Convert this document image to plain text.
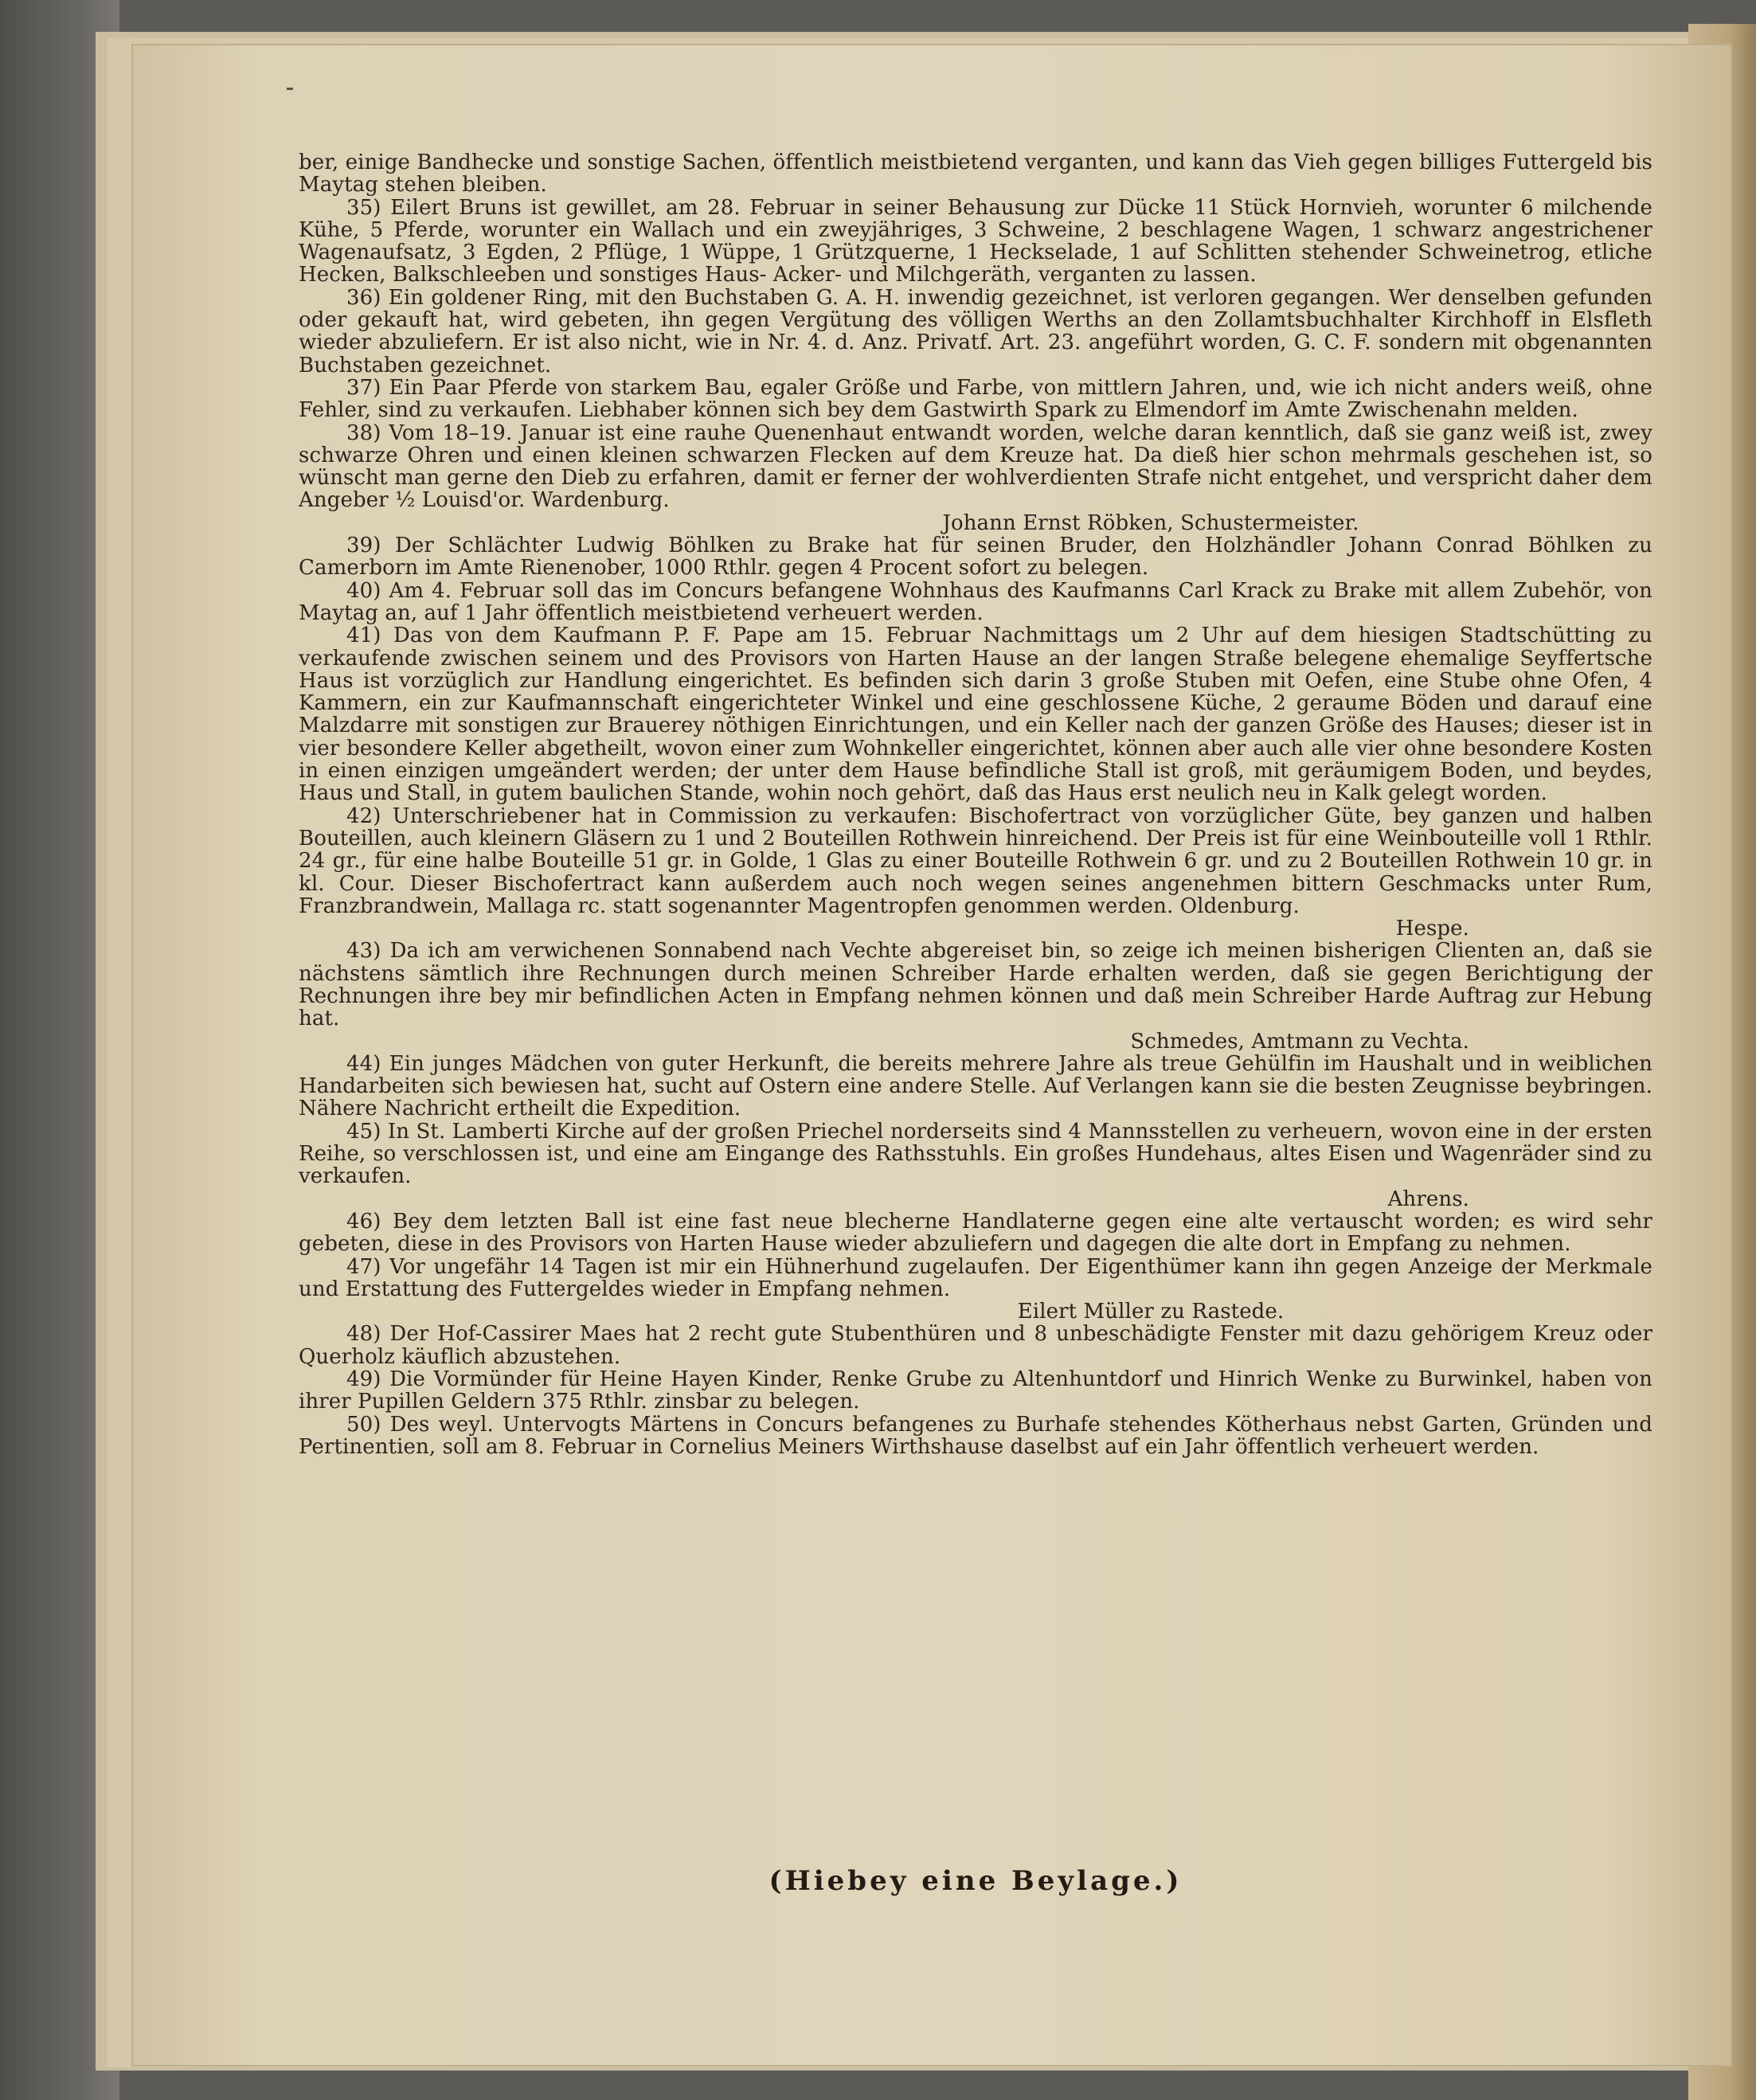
ber, einige Bandhecke und sonstige Sachen, öffentlich meistbietend verganten, und kann das Vieh gegen billiges Futtergeld bis Maytag stehen bleiben.

35) Eilert Bruns ist gewillet, am 28. Februar in seiner Behausung zur Dücke 11 Stück Hornvieh, worunter 6 milchende Kühe, 5 Pferde, worunter ein Wallach und ein zweyjähriges, 3 Schweine, 2 beschlagene Wagen, 1 schwarz angestrichener Wagenaufsatz, 3 Egden, 2 Pflüge, 1 Wüppe, 1 Grützquerne, 1 Heckselade, 1 auf Schlitten stehender Schweinetrog, etliche Hecken, Balkschleeben und sonstiges Haus- Acker- und Milchgeräth, verganten zu lassen.

36) Ein goldener Ring, mit den Buchstaben G. A. H. inwendig gezeichnet, ist verloren gegangen. Wer denselben gefunden oder gekauft hat, wird gebeten, ihn gegen Vergütung des völligen Werths an den Zollamtsbuchhalter Kirchhoff in Elsfleth wieder abzuliefern. Er ist also nicht, wie in Nr. 4. d. Anz. Privatf. Art. 23. angeführt worden, G. C. F. sondern mit obgenannten Buchstaben gezeichnet.

37) Ein Paar Pferde von starkem Bau, egaler Größe und Farbe, von mittlern Jahren, und, wie ich nicht anders weiß, ohne Fehler, sind zu verkaufen. Liebhaber können sich bey dem Gastwirth Spark zu Elmendorf im Amte Zwischenahn melden.

38) Vom 18–19. Januar ist eine rauhe Quenenhaut entwandt worden, welche daran kenntlich, daß sie ganz weiß ist, zwey schwarze Ohren und einen kleinen schwarzen Flecken auf dem Kreuze hat. Da dieß hier schon mehrmals geschehen ist, so wünscht man gerne den Dieb zu erfahren, damit er ferner der wohlverdienten Strafe nicht entgehet, und verspricht daher dem Angeber ½ Louisd'or. Wardenburg.

Johann Ernst Röbken, Schustermeister.

39) Der Schlächter Ludwig Böhlken zu Brake hat für seinen Bruder, den Holzhändler Johann Conrad Böhlken zu Camerborn im Amte Rienenober, 1000 Rthlr. gegen 4 Procent sofort zu belegen.

40) Am 4. Februar soll das im Concurs befangene Wohnhaus des Kaufmanns Carl Krack zu Brake mit allem Zubehör, von Maytag an, auf 1 Jahr öffentlich meistbietend verheuert werden.

41) Das von dem Kaufmann P. F. Pape am 15. Februar Nachmittags um 2 Uhr auf dem hiesigen Stadtschütting zu verkaufende zwischen seinem und des Provisors von Harten Hause an der langen Straße belegene ehemalige Seyffertsche Haus ist vorzüglich zur Handlung eingerichtet. Es befinden sich darin 3 große Stuben mit Oefen, eine Stube ohne Ofen, 4 Kammern, ein zur Kaufmannschaft eingerichteter Winkel und eine geschlossene Küche, 2 geraume Böden und darauf eine Malzdarre mit sonstigen zur Brauerey nöthigen Einrichtungen, und ein Keller nach der ganzen Größe des Hauses; dieser ist in vier besondere Keller abgetheilt, wovon einer zum Wohnkeller eingerichtet, können aber auch alle vier ohne besondere Kosten in einen einzigen umgeändert werden; der unter dem Hause befindliche Stall ist groß, mit geräumigem Boden, und beydes, Haus und Stall, in gutem baulichen Stande, wohin noch gehört, daß das Haus erst neulich neu in Kalk gelegt worden.

42) Unterschriebener hat in Commission zu verkaufen: Bischofertract von vorzüglicher Güte, bey ganzen und halben Bouteillen, auch kleinern Gläsern zu 1 und 2 Bouteillen Rothwein hinreichend. Der Preis ist für eine Weinbouteille voll 1 Rthlr. 24 gr., für eine halbe Bouteille 51 gr. in Golde, 1 Glas zu einer Bouteille Rothwein 6 gr. und zu 2 Bouteillen Rothwein 10 gr. in kl. Cour. Dieser Bischofertract kann außerdem auch noch wegen seines angenehmen bittern Geschmacks unter Rum, Franzbrandwein, Mallaga rc. statt sogenannter Magentropfen genommen werden. Oldenburg.

Hespe.

43) Da ich am verwichenen Sonnabend nach Vechte abgereiset bin, so zeige ich meinen bisherigen Clienten an, daß sie nächstens sämtlich ihre Rechnungen durch meinen Schreiber Harde erhalten werden, daß sie gegen Berichtigung der Rechnungen ihre bey mir befindlichen Acten in Empfang nehmen können und daß mein Schreiber Harde Auftrag zur Hebung hat.

Schmedes, Amtmann zu Vechta.

44) Ein junges Mädchen von guter Herkunft, die bereits mehrere Jahre als treue Gehülfin im Haushalt und in weiblichen Handarbeiten sich bewiesen hat, sucht auf Ostern eine andere Stelle. Auf Verlangen kann sie die besten Zeugnisse beybringen. Nähere Nachricht ertheilt die Expedition.

45) In St. Lamberti Kirche auf der großen Priechel norderseits sind 4 Mannsstellen zu verheuern, wovon eine in der ersten Reihe, so verschlossen ist, und eine am Eingange des Rathsstuhls. Ein großes Hundehaus, altes Eisen und Wagenräder sind zu verkaufen.

Ahrens.

46) Bey dem letzten Ball ist eine fast neue blecherne Handlaterne gegen eine alte vertauscht worden; es wird sehr gebeten, diese in des Provisors von Harten Hause wieder abzuliefern und dagegen die alte dort in Empfang zu nehmen.

47) Vor ungefähr 14 Tagen ist mir ein Hühnerhund zugelaufen. Der Eigenthümer kann ihn gegen Anzeige der Merkmale und Erstattung des Futtergeldes wieder in Empfang nehmen.

Eilert Müller zu Rastede.

48) Der Hof-Cassirer Maes hat 2 recht gute Stubenthüren und 8 unbeschädigte Fenster mit dazu gehörigem Kreuz oder Querholz käuflich abzustehen.

49) Die Vormünder für Heine Hayen Kinder, Renke Grube zu Altenhuntdorf und Hinrich Wenke zu Burwinkel, haben von ihrer Pupillen Geldern 375 Rthlr. zinsbar zu belegen.

50) Des weyl. Untervogts Märtens in Concurs befangenes zu Burhafe stehendes Kötherhaus nebst Garten, Gründen und Pertinentien, soll am 8. Februar in Cornelius Meiners Wirthshause daselbst auf ein Jahr öffentlich verheuert werden.

(Hiebey eine Beylage.)
